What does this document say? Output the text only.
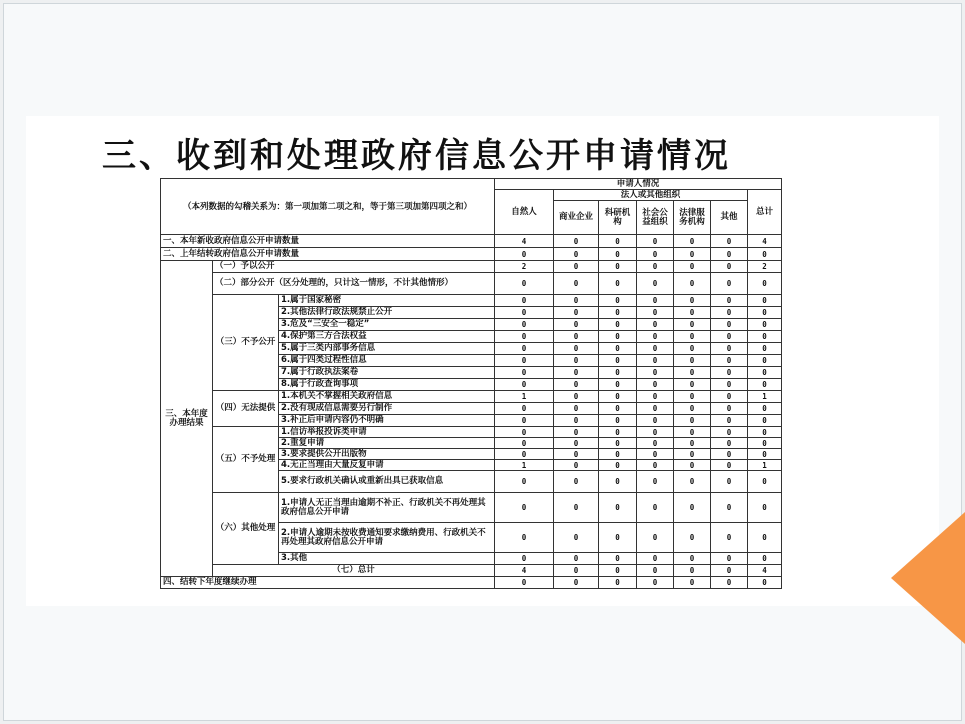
三、收到和处理政府信息公开申请情况
（本列数据的勾稽关系为：第一项加第二项之和，等于第三项加第四项之和）			申请人情况						
			自然人	法人或其他组织					总计
				商业企业	科研机构	社会公益组织	法律服务机构	其他	

一、本年新收政府信息公开申请数量			4	0	0	0	0	0	4
二、上年结转政府信息公开申请数量			0	0	0	0	0	0	0
三、本年度办理结果	（一）予以公开		2	0	0	0	0	0	2
	（二）部分公开（区分处理的，只计这一情形，不计其他情形）		0	0	0	0	0	0	0
	（三）不予公开	1.属于国家秘密	0	0	0	0	0	0	0
		2.其他法律行政法规禁止公开	0	0	0	0	0	0	0
		3.危及“三安全一稳定”	0	0	0	0	0	0	0
		4.保护第三方合法权益	0	0	0	0	0	0	0
		5.属于三类内部事务信息	0	0	0	0	0	0	0
		6.属于四类过程性信息	0	0	0	0	0	0	0
		7.属于行政执法案卷	0	0	0	0	0	0	0
		8.属于行政查询事项	0	0	0	0	0	0	0
	（四）无法提供	1.本机关不掌握相关政府信息	1	0	0	0	0	0	1
		2.没有现成信息需要另行制作	0	0	0	0	0	0	0
		3.补正后申请内容仍不明确	0	0	0	0	0	0	0
	（五）不予处理	1.信访举报投诉类申请	0	0	0	0	0	0	0
		2.重复申请	0	0	0	0	0	0	0
		3.要求提供公开出版物	0	0	0	0	0	0	0
		4.无正当理由大量反复申请	1	0	0	0	0	0	1
		5.要求行政机关确认或重新出具已获取信息	0	0	0	0	0	0	0
	（六）其他处理	1.申请人无正当理由逾期不补正、行政机关不再处理其政府信息公开申请	0	0	0	0	0	0	0
		2.申请人逾期未按收费通知要求缴纳费用、行政机关不再处理其政府信息公开申请	0	0	0	0	0	0	0
		3.其他	0	0	0	0	0	0	0
	（七）总计		4	0	0	0	0	0	4
四、结转下年度继续办理			0	0	0	0	0	0	0
